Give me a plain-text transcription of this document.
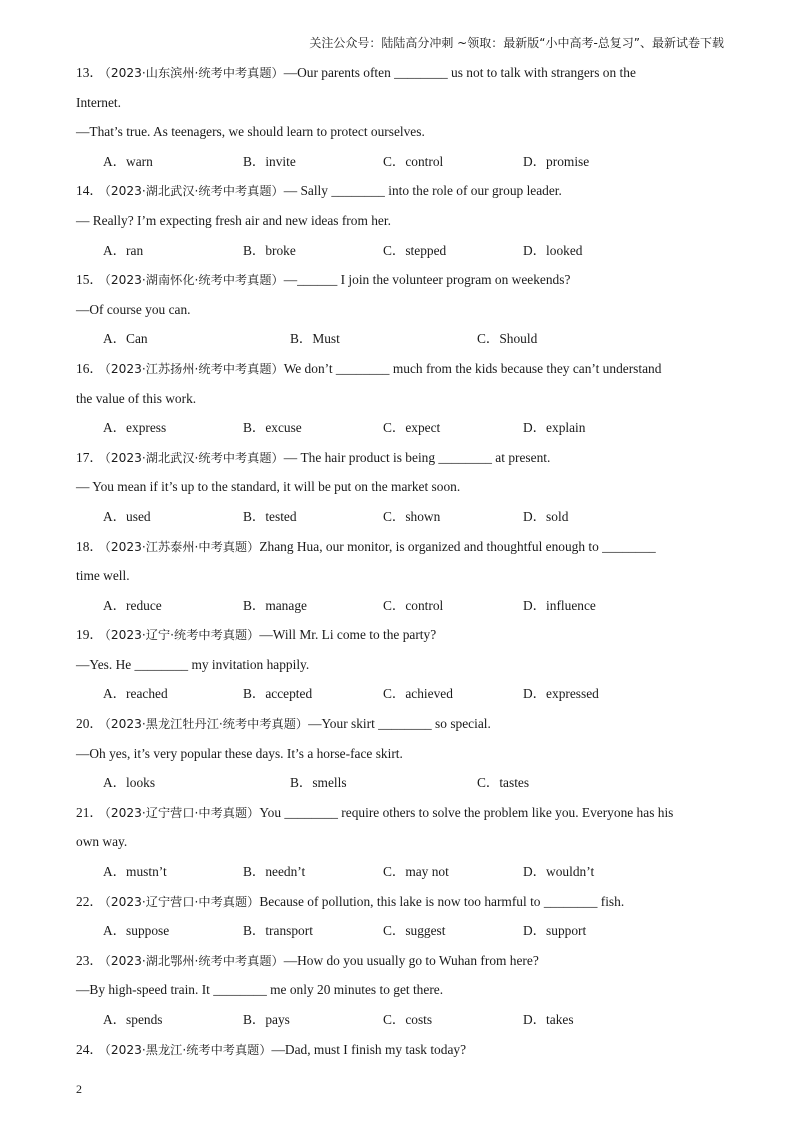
关注公众号：陆陆高分冲刺 ~领取：最新版“小中高考-总复习”、最新试卷下载
13． （2023·山东滨州·统考中考真题）—Our parents often ________ us not to talk with strangers on the
Internet.
—That’s true. As teenagers, we should learn to protect ourselves.
A．warn	B．invite	C．control	D．promise
14． （2023·湖北武汉·统考中考真题）— Sally ________ into the role of our group leader.
— Really? I’m expecting fresh air and new ideas from her.
A．ran	B．broke	C．stepped	D．looked
15． （2023·湖南怀化·统考中考真题）—______ I join the volunteer program on weekends?
—Of course you can.
A．Can	B．Must	C．Should
16． （2023·江苏扬州·统考中考真题）We don’t ________ much from the kids because they can’t understand
the value of this work.
A．express	B．excuse	C．expect	D．explain
17． （2023·湖北武汉·统考中考真题）— The hair product is being ________ at present.
— You mean if it’s up to the standard, it will be put on the market soon.
A．used	B．tested	C．shown	D．sold
18． （2023·江苏泰州·中考真题）Zhang Hua, our monitor, is organized and thoughtful enough to ________
time well.
A．reduce	B．manage	C．control	D．influence
19． （2023·辽宁·统考中考真题）—Will Mr. Li come to the party?
—Yes. He ________ my invitation happily.
A．reached	B．accepted	C．achieved	D．expressed
20． （2023·黑龙江牡丹江·统考中考真题）—Your skirt ________ so special.
—Oh yes, it’s very popular these days. It’s a horse-face skirt.
A．looks	B．smells	C．tastes
21． （2023·辽宁营口·中考真题）You ________ require others to solve the problem like you. Everyone has his
own way.
A．mustn’t	B．needn’t	C．may not	D．wouldn’t
22． （2023·辽宁营口·中考真题）Because of pollution, this lake is now too harmful to ________ fish.
A．suppose	B．transport	C．suggest	D．support
23． （2023·湖北鄂州·统考中考真题）—How do you usually go to Wuhan from here?
—By high-speed train. It ________ me only 20 minutes to get there.
A．spends	B．pays	C．costs	D．takes
24． （2023·黑龙江·统考中考真题）—Dad, must I finish my task today?
2
